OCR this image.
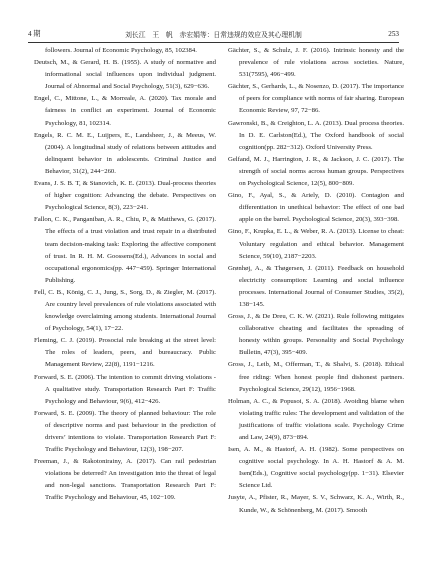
4 期	刘长江　王　帆　赤宏娟等：日常违规的效应及其心理机制	253

followers. Journal of Economic Psychology, 85, 102384.

Deutsch, M., & Gerard, H. B. (1955). A study of normative and informational social influences upon individual judgment. Journal of Abnormal and Social Psychology, 51(3), 629−636.

Engel, C., Mittone, L., & Morreale, A. (2020). Tax morale and fairness in conflict an experiment. Journal of Economic Psychology, 81, 102314.

Engels, R. C. M. E., Luijpers, E., Landsheer, J., & Meeus, W. (2004). A longitudinal study of relations between attitudes and delinquent behavior in adolescents. Criminal Justice and Behavior, 31(2), 244−260.

Evans, J. S. B. T, & Stanovich, K. E. (2013). Dual-process theories of higher cognition: Advancing the debate. Perspectives on Psychological Science, 8(3), 223−241.

Fallon, C. K., Panganiban, A. R., Chiu, P., & Matthews, G. (2017). The effects of a trust violation and trust repair in a distributed team decision-making task: Exploring the affective component of trust. In R. H. M. Goossens(Ed.), Advances in social and occupational ergonomics(pp. 447−459). Springer International Publishing.

Fell, C. B., König, C. J., Jung, S., Sorg, D., & Ziegler, M. (2017). Are country level prevalences of rule violations associated with knowledge overclaiming among students. International Journal of Psychology, 54(1), 17−22.

Fleming, C. J. (2019). Prosocial rule breaking at the street level: The roles of leaders, peers, and bureaucracy. Public Management Review, 22(8), 1191−1216.

Forward, S. E. (2006). The intention to commit driving violations - A qualitative study. Transportation Research Part F: Traffic Psychology and Behaviour, 9(6), 412−426.

Forward, S. E. (2009). The theory of planned behaviour: The role of descriptive norms and past behaviour in the prediction of drivers’ intentions to violate. Transportation Research Part F: Traffic Psychology and Behaviour, 12(3), 198−207.

Freeman, J., & Rakotonirainy, A. (2017). Can rail pedestrian violations be deterred? An investigation into the threat of legal and non-legal sanctions. Transportation Research Part F: Traffic Psychology and Behaviour, 45, 102−109.

Gächter, S., & Schulz, J. F. (2016). Intrinsic honesty and the prevalence of rule violations across societies. Nature, 531(7595), 496−499.

Gächter, S., Gerhards, L., & Nosenzo, D. (2017). The importance of peers for compliance with norms of fair sharing. European Economic Review, 97, 72−86.

Gawronski, B., & Creighton, L. A. (2013). Dual process theories. In D. E. Carlston(Ed.), The Oxford handbook of social cognition(pp. 282−312). Oxford University Press.

Gelfand, M. J., Harrington, J. R., & Jackson, J. C. (2017). The strength of social norms across human groups. Perspectives on Psychological Science, 12(5), 800−809.

Gino, F., Ayal, S., & Ariely, D. (2010). Contagion and differentiation in unethical behavior: The effect of one bad apple on the barrel. Psychological Science, 20(3), 393−398.

Gino, F., Krupka, E. L., & Weber, R. A. (2013). License to cheat: Voluntary regulation and ethical behavior. Management Science, 59(10), 2187−2203.

Grønhøj, A., & Thøgersen, J. (2011). Feedback on household electricity consumption: Learning and social influence processes. International Journal of Consumer Studies, 35(2), 138−145.

Gross, J., & De Dreu, C. K. W. (2021). Rule following mitigates collaborative cheating and facilitates the spreading of honesty within groups. Personality and Social Psychology Bulletin, 47(3), 395−409.

Gross, J., Leib, M., Offerman, T., & Shalvi, S. (2018). Ethical free riding: When honest people find dishonest partners. Psychological Science, 29(12), 1956−1968.

Holman, A. C., & Popusoi, S. A. (2018). Avoiding blame when violating traffic rules: The development and validation of the justifications of traffic violations scale. Psychology Crime and Law, 24(9), 873−894.

Isen, A. M., & Hastorf, A. H. (1982). Some perspectives on cognitive social psychology. In A. H. Hastorf & A. M. Isen(Eds.), Cognitive social psychology(pp. 1−31). Elsevier Science Ltd.

Jusyte, A., Pfister, R., Mayer, S. V., Schwarz, K. A., Wirth, R., Kunde, W., & Schönenberg, M. (2017). Smooth
